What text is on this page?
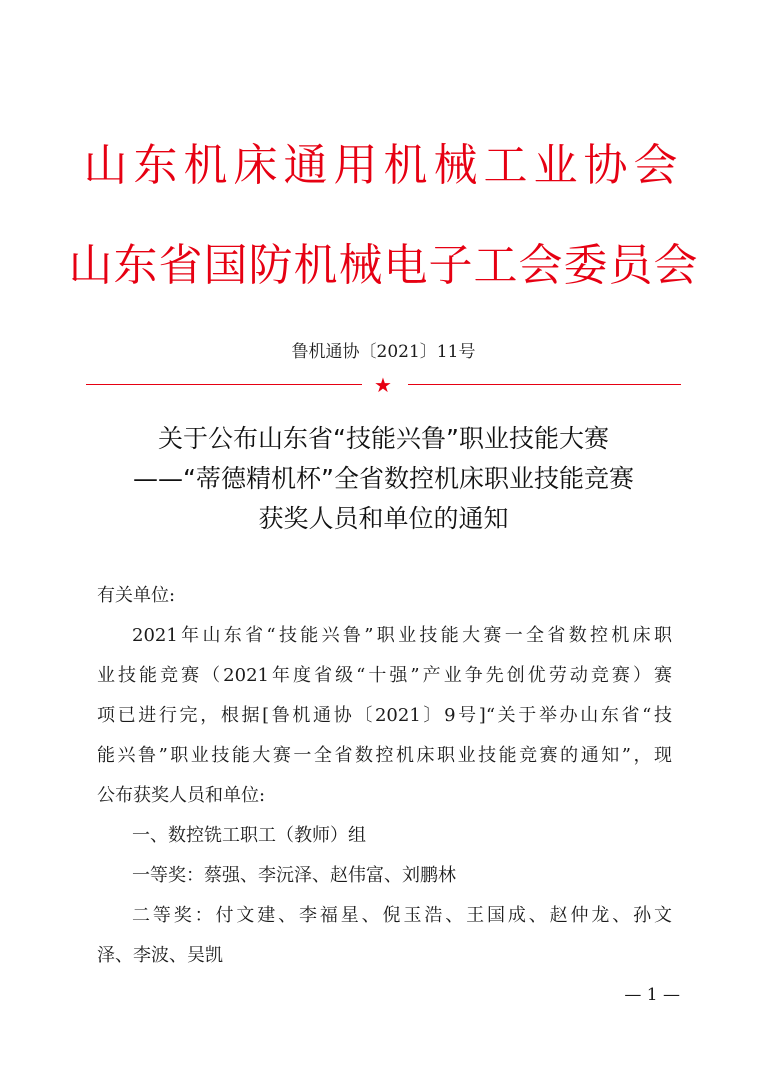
山东机床通用机械工业协会
山东省国防机械电子工会委员会
鲁机通协〔2021〕11号
★
关于公布山东省“技能兴鲁”职业技能大赛
——“蒂德精机杯”全省数控机床职业技能竞赛
获奖人员和单位的通知
有关单位:
2021年山东省“技能兴鲁”职业技能大赛一全省数控机床职
业技能竞赛（2021年度省级“十强”产业争先创优劳动竞赛）赛
项已进行完，根据[鲁机通协〔2021〕9号]“关于举办山东省“技
能兴鲁”职业技能大赛一全省数控机床职业技能竞赛的通知”，现
公布获奖人员和单位:
一、数控铣工职工（教师）组
一等奖：蔡强、李沅泽、赵伟富、刘鹏林
二等奖：付文建、李福星、倪玉浩、王国成、赵仲龙、孙文
泽、李波、吴凯
— 1 —
